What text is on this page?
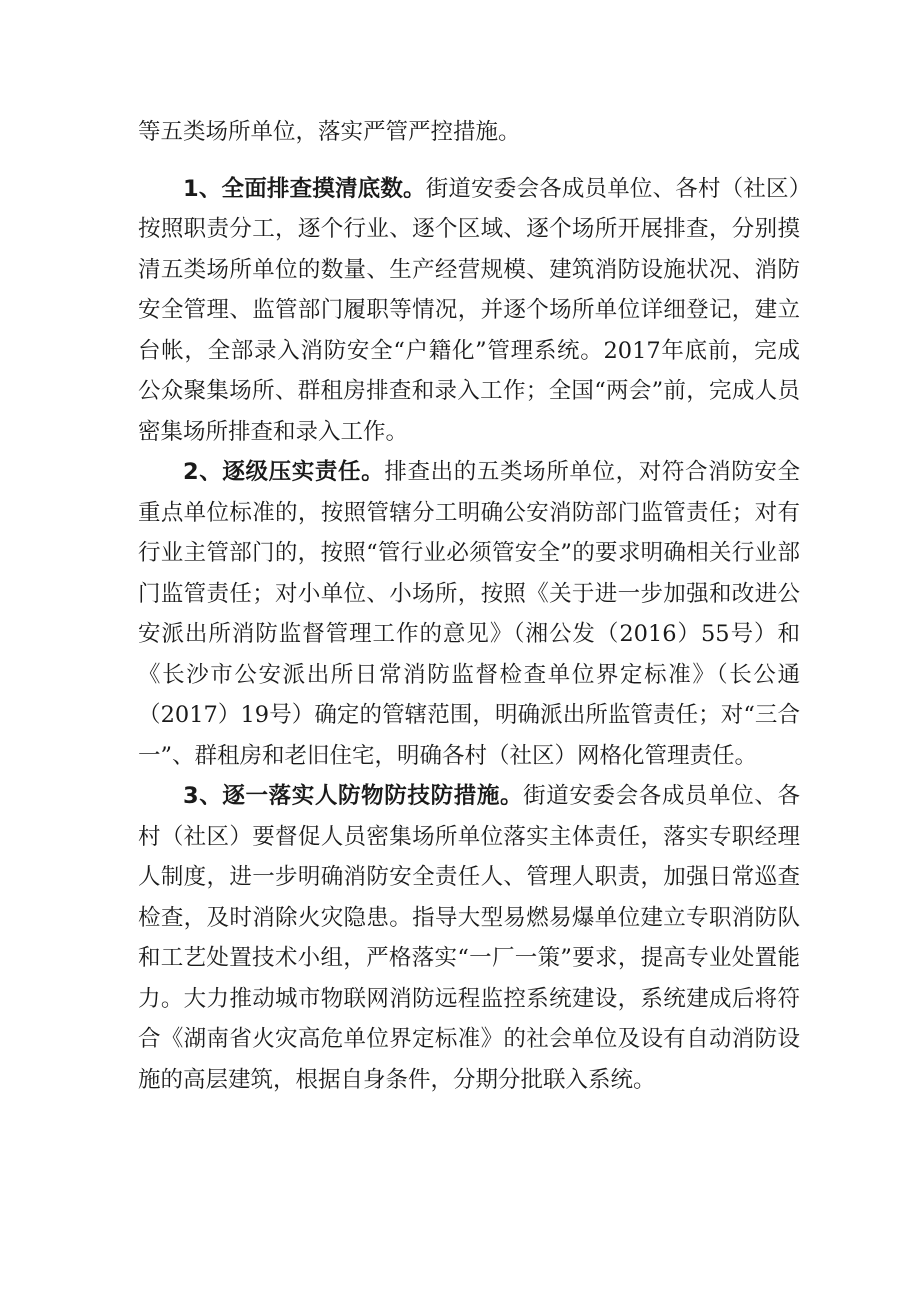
等五类场所单位，落实严管严控措施。

1、全面排查摸清底数。街道安委会各成员单位、各村（社区）按照职责分工，逐个行业、逐个区域、逐个场所开展排查，分别摸清五类场所单位的数量、生产经营规模、建筑消防设施状况、消防安全管理、监管部门履职等情况，并逐个场所单位详细登记，建立台帐，全部录入消防安全“户籍化”管理系统。2017年底前，完成公众聚集场所、群租房排查和录入工作；全国“两会”前，完成人员密集场所排查和录入工作。

2、逐级压实责任。排查出的五类场所单位，对符合消防安全重点单位标准的，按照管辖分工明确公安消防部门监管责任；对有行业主管部门的，按照“管行业必须管安全”的要求明确相关行业部门监管责任；对小单位、小场所，按照《关于进一步加强和改进公安派出所消防监督管理工作的意见》（湘公发（2016）55号）和《长沙市公安派出所日常消防监督检查单位界定标准》（长公通（2017）19号）确定的管辖范围，明确派出所监管责任；对“三合一”、群租房和老旧住宅，明确各村（社区）网格化管理责任。

3、逐一落实人防物防技防措施。街道安委会各成员单位、各村（社区）要督促人员密集场所单位落实主体责任，落实专职经理人制度，进一步明确消防安全责任人、管理人职责，加强日常巡查检查，及时消除火灾隐患。指导大型易燃易爆单位建立专职消防队和工艺处置技术小组，严格落实“一厂一策”要求，提高专业处置能力。大力推动城市物联网消防远程监控系统建设，系统建成后将符合《湖南省火灾高危单位界定标准》的社会单位及设有自动消防设施的高层建筑，根据自身条件，分期分批联入系统。
